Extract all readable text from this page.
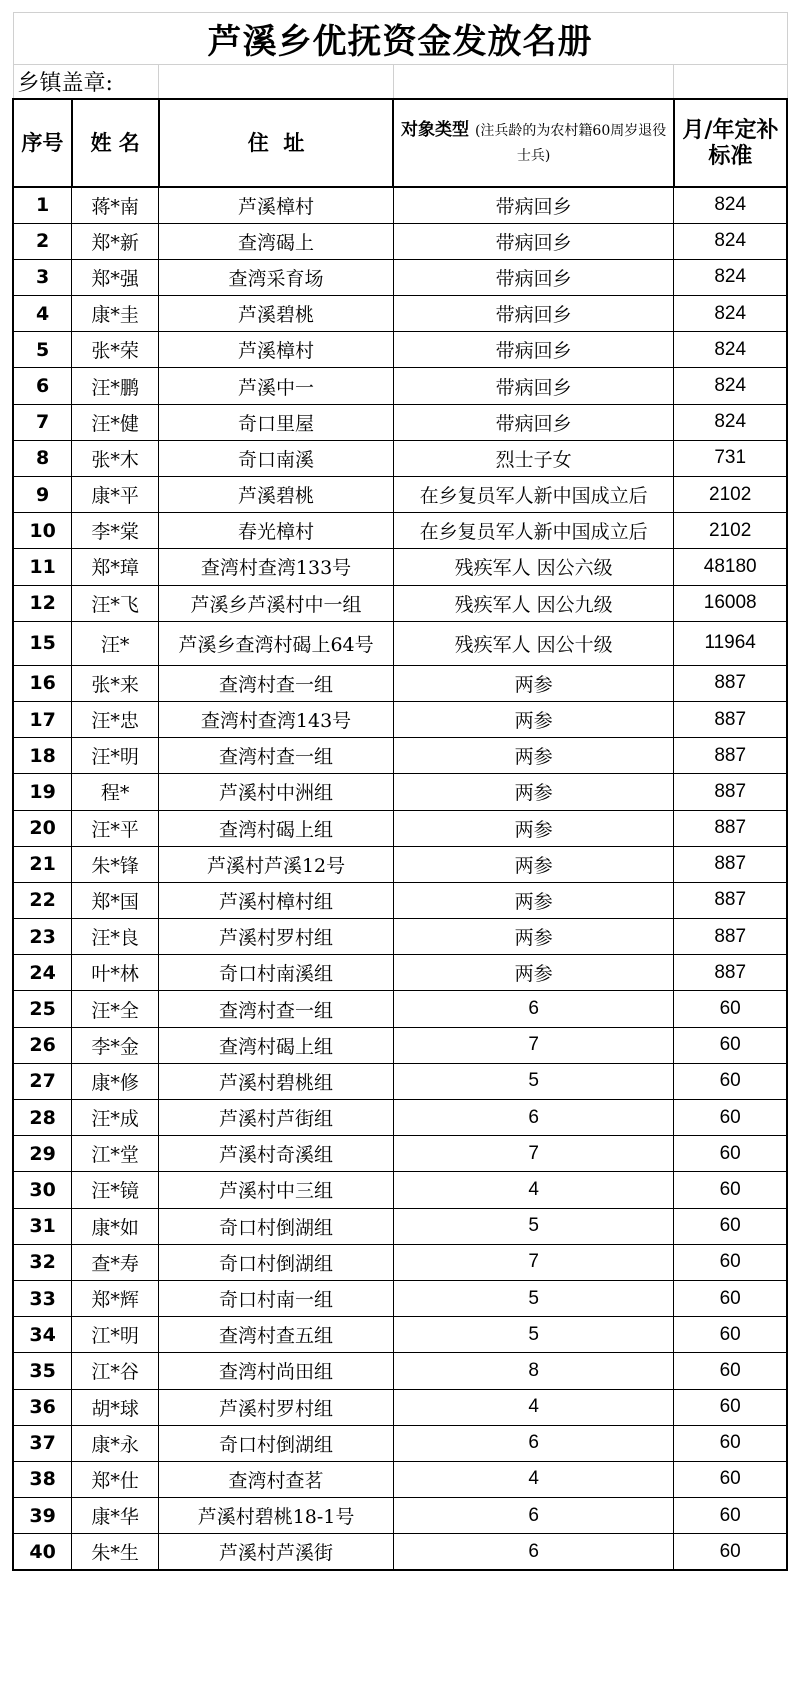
芦溪乡优抚资金发放名册				
乡镇盖章:				
序号	姓 名	住  址	对象类型 (注兵龄的为农村籍60周岁退役士兵)	月/年定补标准
1	蒋*南	芦溪樟村	带病回乡	824
2	郑*新	查湾碣上	带病回乡	824
3	郑*强	查湾采育场	带病回乡	824
4	康*圭	芦溪碧桃	带病回乡	824
5	张*荣	芦溪樟村	带病回乡	824
6	汪*鹏	芦溪中一	带病回乡	824
7	汪*健	奇口里屋	带病回乡	824
8	张*木	奇口南溪	烈士子女	731
9	康*平	芦溪碧桃	在乡复员军人新中国成立后	2102
10	李*棠	春光樟村	在乡复员军人新中国成立后	2102
11	郑*璋	查湾村查湾133号	残疾军人 因公六级	48180
12	汪*飞	芦溪乡芦溪村中一组	残疾军人 因公九级	16008
15	汪*	芦溪乡查湾村碣上64号	残疾军人 因公十级	11964
16	张*来	查湾村查一组	两参	887
17	汪*忠	查湾村查湾143号	两参	887
18	汪*明	查湾村查一组	两参	887
19	程*	芦溪村中洲组	两参	887
20	汪*平	查湾村碣上组	两参	887
21	朱*锋	芦溪村芦溪12号	两参	887
22	郑*国	芦溪村樟村组	两参	887
23	汪*良	芦溪村罗村组	两参	887
24	叶*林	奇口村南溪组	两参	887
25	汪*全	查湾村查一组	6	60
26	李*金	查湾村碣上组	7	60
27	康*修	芦溪村碧桃组	5	60
28	汪*成	芦溪村芦街组	6	60
29	江*堂	芦溪村奇溪组	7	60
30	汪*镜	芦溪村中三组	4	60
31	康*如	奇口村倒湖组	5	60
32	查*寿	奇口村倒湖组	7	60
33	郑*辉	奇口村南一组	5	60
34	江*明	查湾村查五组	5	60
35	江*谷	查湾村尚田组	8	60
36	胡*球	芦溪村罗村组	4	60
37	康*永	奇口村倒湖组	6	60
38	郑*仕	查湾村查茗	4	60
39	康*华	芦溪村碧桃18-1号	6	60
40	朱*生	芦溪村芦溪街	6	60
